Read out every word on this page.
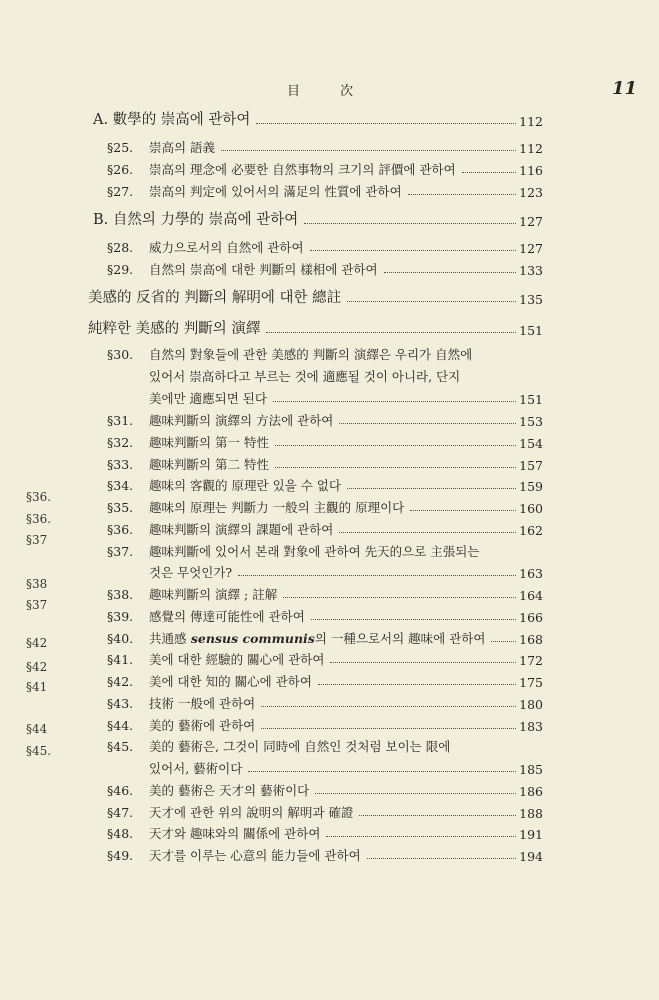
目 次	11
A. 數學的 崇高에 관하여	112
§25. 崇高의 語義	112
§26. 崇高의 理念에 必要한 自然事物의 크기의 評價에 관하여	116
§27. 崇高의 判定에 있어서의 滿足의 性質에 관하여	123
B. 自然의 力學的 崇高에 관하여	127
§28. 威力으로서의 自然에 관하여	127
§29. 自然의 崇高에 대한 判斷의 樣相에 관하여	133
美感的 反省的 判斷의 解明에 대한 總註	135
純粹한 美感的 判斷의 演繹	151
§30. 自然의 對象들에 관한 美感的 判斷의 演繹은 우리가 自然에
있어서 崇高하다고 부르는 것에 適應될 것이 아니라, 단지
美에만 適應되면 된다	151
§31. 趣味判斷의 演繹의 方法에 관하여	153
§32. 趣味判斷의 第一 特性	154
§33. 趣味判斷의 第二 特性	157
§34. 趣味의 客觀的 原理란 있을 수 없다	159
§35. 趣味의 原理는 判斷力 一般의 主觀的 原理이다	160
§36. 趣味判斷의 演繹의 課題에 관하여	162
§37. 趣味判斷에 있어서 본래 對象에 관하여 先天的으로 主張되는
것은 무엇인가?	163
§38. 趣味判斷의 演繹 ; 註解	164
§39. 感覺의 傳達可能性에 관하여	166
§40. 共通感 sensus communis의 一種으로서의 趣味에 관하여	168
§41. 美에 대한 經驗的 關心에 관하여	172
§42. 美에 대한 知的 關心에 관하여	175
§43. 技術 一般에 관하여	180
§44. 美的 藝術에 관하여	183
§45. 美的 藝術은, 그것이 同時에 自然인 것처럼 보이는 限에
있어서, 藝術이다	185
§46. 美的 藝術은 天才의 藝術이다	186
§47. 天才에 관한 위의 說明의 解明과 確證	188
§48. 天才와 趣味와의 關係에 관하여	191
§49. 天才를 이루는 心意의 能力들에 관하여	194
§36.
§36.
§37
§38
§37
§42
§42
§41
§44
§45.
